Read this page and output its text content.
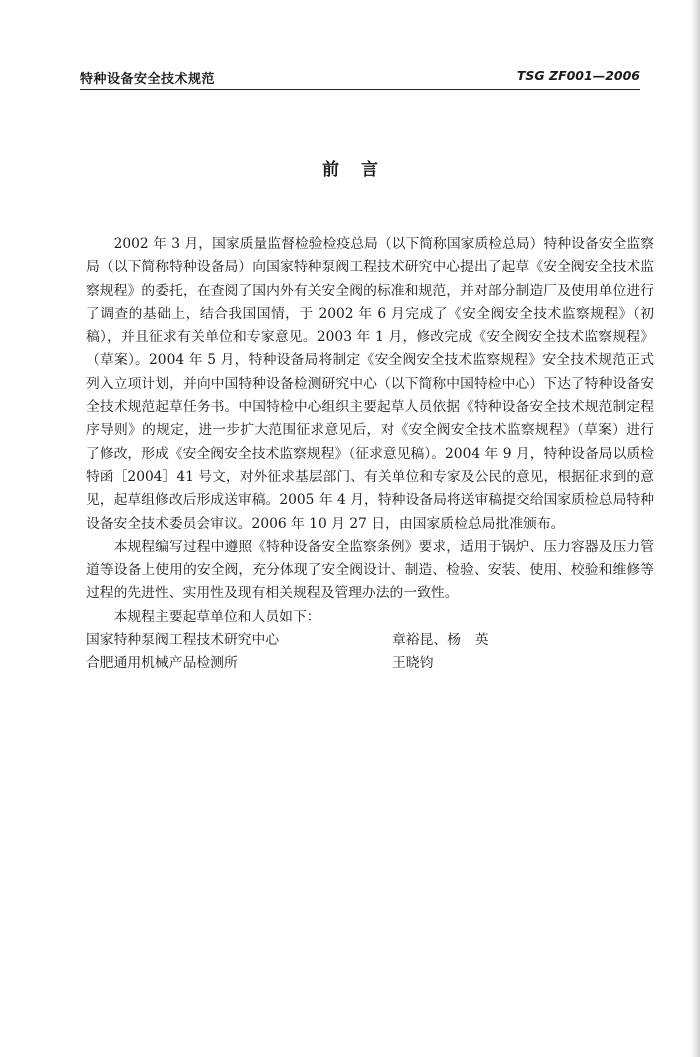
特种设备安全技术规范	TSG ZF001—2006
前言

2002 年 3 月，国家质量监督检验检疫总局（以下简称国家质检总局）特种设备安全监察局（以下简称特种设备局）向国家特种泵阀工程技术研究中心提出了起草《安全阀安全技术监察规程》的委托，在查阅了国内外有关安全阀的标准和规范，并对部分制造厂及使用单位进行了调查的基础上，结合我国国情，于 2002 年 6 月完成了《安全阀安全技术监察规程》（初稿），并且征求有关单位和专家意见。2003 年 1 月，修改完成《安全阀安全技术监察规程》（草案）。2004 年 5 月，特种设备局将制定《安全阀安全技术监察规程》安全技术规范正式列入立项计划，并向中国特种设备检测研究中心（以下简称中国特检中心）下达了特种设备安全技术规范起草任务书。中国特检中心组织主要起草人员依据《特种设备安全技术规范制定程序导则》的规定，进一步扩大范围征求意见后，对《安全阀安全技术监察规程》（草案）进行了修改，形成《安全阀安全技术监察规程》（征求意见稿）。2004 年 9 月，特种设备局以质检特函［2004］41 号文，对外征求基层部门、有关单位和专家及公民的意见，根据征求到的意见，起草组修改后形成送审稿。2005 年 4 月，特种设备局将送审稿提交给国家质检总局特种设备安全技术委员会审议。2006 年 10 月 27 日，由国家质检总局批准颁布。

本规程编写过程中遵照《特种设备安全监察条例》要求，适用于锅炉、压力容器及压力管道等设备上使用的安全阀，充分体现了安全阀设计、制造、检验、安装、使用、校验和维修等过程的先进性、实用性及现有相关规程及管理办法的一致性。

本规程主要起草单位和人员如下：

国家特种泵阀工程技术研究中心	章裕昆、杨　英
合肥通用机械产品检测所	王晓钧
